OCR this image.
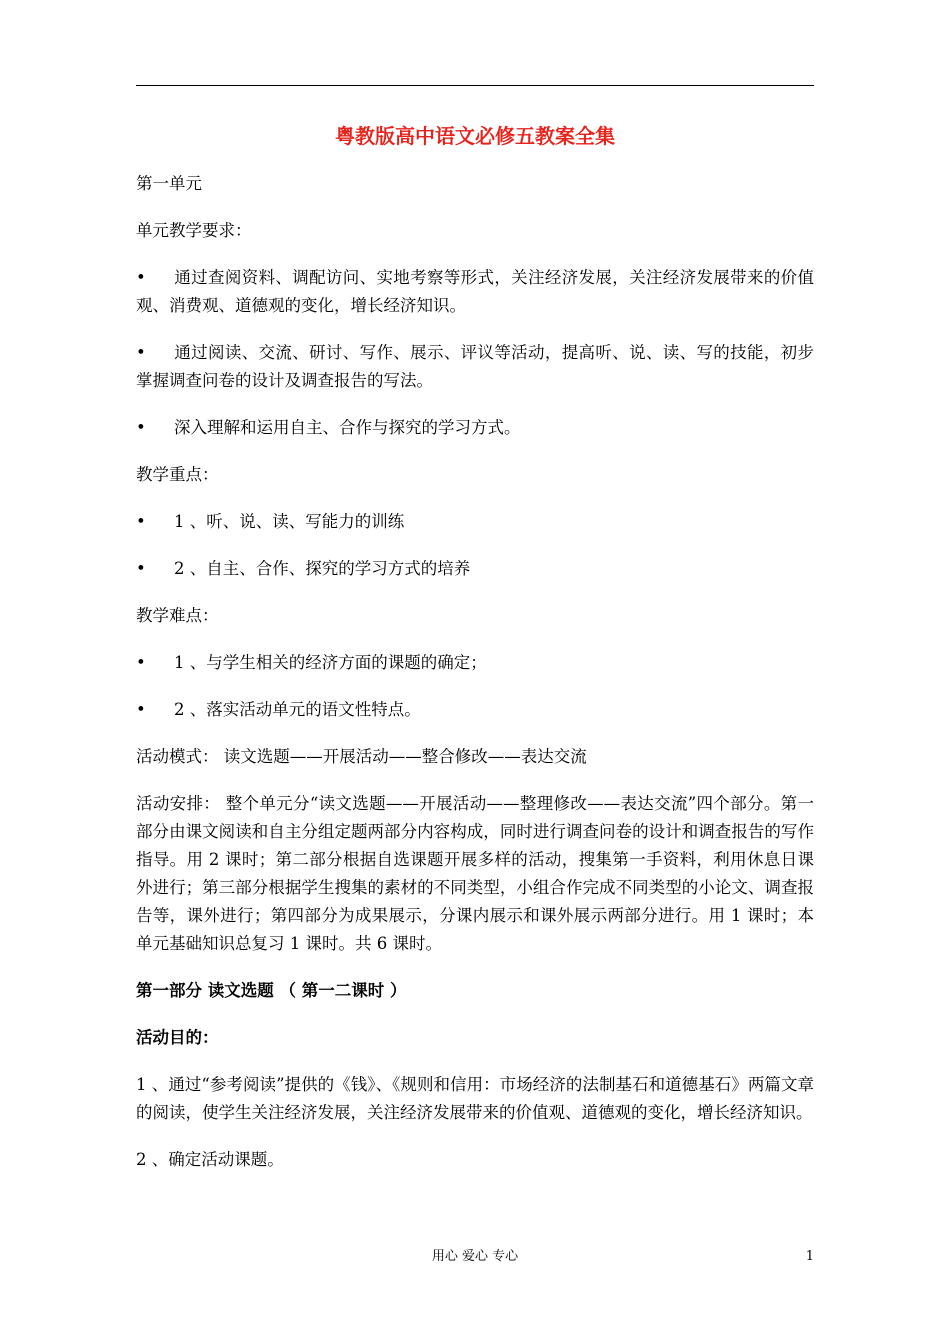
粤教版高中语文必修五教案全集
第一单元
单元教学要求：
• 通过查阅资料、调配访问、实地考察等形式，关注经济发展，关注经济发展带来的价值观、消费观、道德观的变化，增长经济知识。
• 通过阅读、交流、研讨、写作、展示、评议等活动，提高听、说、读、写的技能，初步掌握调查问卷的设计及调查报告的写法。
• 深入理解和运用自主、合作与探究的学习方式。
教学重点：
• 1 、听、说、读、写能力的训练
• 2 、自主、合作、探究的学习方式的培养
教学难点：
• 1 、与学生相关的经济方面的课题的确定；
• 2 、落实活动单元的语文性特点。
活动模式： 读文选题——开展活动——整合修改——表达交流
活动安排： 整个单元分“读文选题——开展活动——整理修改——表达交流”四个部分。第一部分由课文阅读和自主分组定题两部分内容构成，同时进行调查问卷的设计和调查报告的写作指导。用 2 课时；第二部分根据自选课题开展多样的活动，搜集第一手资料，利用休息日课外进行；第三部分根据学生搜集的素材的不同类型，小组合作完成不同类型的小论文、调查报告等，课外进行；第四部分为成果展示，分课内展示和课外展示两部分进行。用 1 课时；本单元基础知识总复习 1 课时。共 6 课时。
第一部分 读文选题 （ 第一二课时 ）
活动目的：
1 、通过“参考阅读”提供的《钱》、《规则和信用：市场经济的法制基石和道德基石》两篇文章的阅读，使学生关注经济发展，关注经济发展带来的价值观、道德观的变化，增长经济知识。
2 、确定活动课题。
用心 爱心 专心	1
